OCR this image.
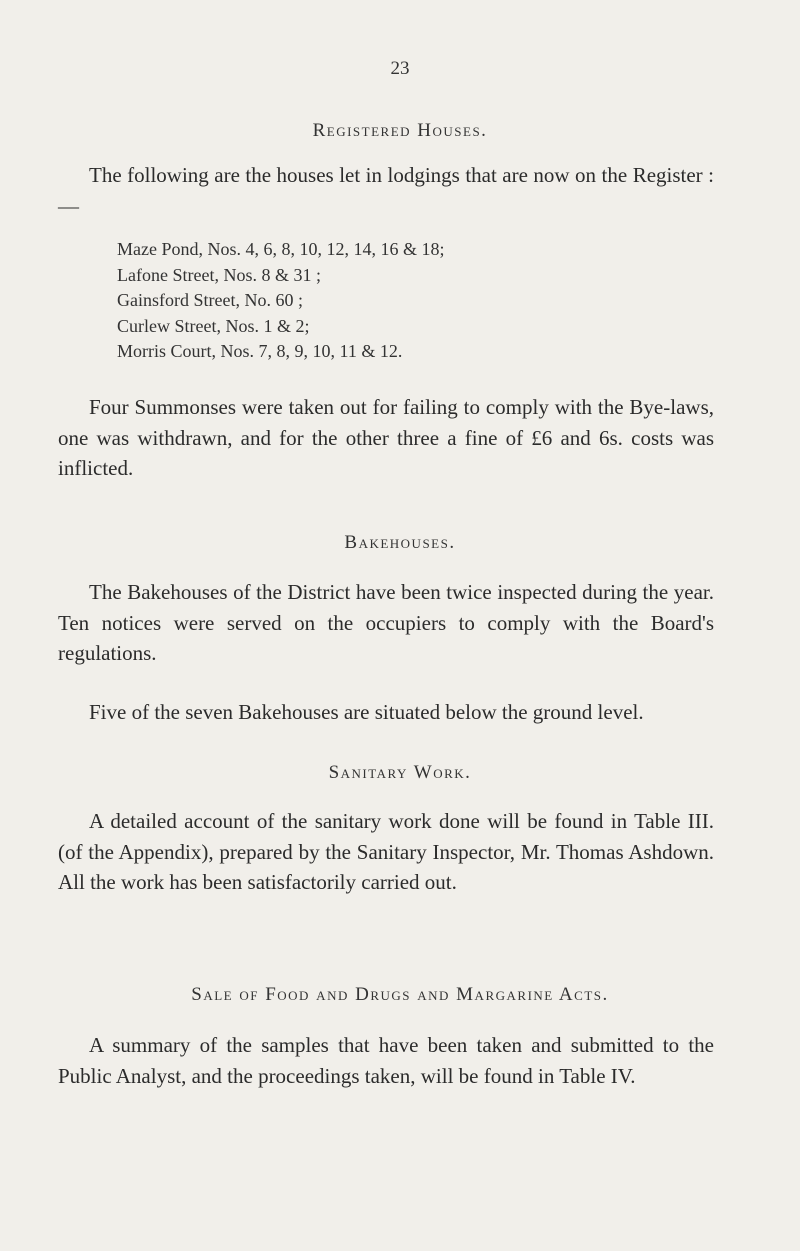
23
Registered Houses.

The following are the houses let in lodgings that are now on the Register :—

Maze Pond, Nos. 4, 6, 8, 10, 12, 14, 16 & 18;
Lafone Street, Nos. 8 & 31 ;
Gainsford Street, No. 60 ;
Curlew Street, Nos. 1 & 2;
Morris Court, Nos. 7, 8, 9, 10, 11 & 12.

Four Summonses were taken out for failing to comply with the Bye-laws, one was withdrawn, and for the other three a fine of £6 and 6s. costs was inflicted.

Bakehouses.

The Bakehouses of the District have been twice inspected during the year. Ten notices were served on the occupiers to comply with the Board's regulations.

Five of the seven Bakehouses are situated below the ground level.

Sanitary Work.

A detailed account of the sanitary work done will be found in Table III. (of the Appendix), prepared by the Sanitary Inspector, Mr. Thomas Ashdown. All the work has been satisfactorily carried out.

Sale of Food and Drugs and Margarine Acts.

A summary of the samples that have been taken and submitted to the Public Analyst, and the proceedings taken, will be found in Table IV.
